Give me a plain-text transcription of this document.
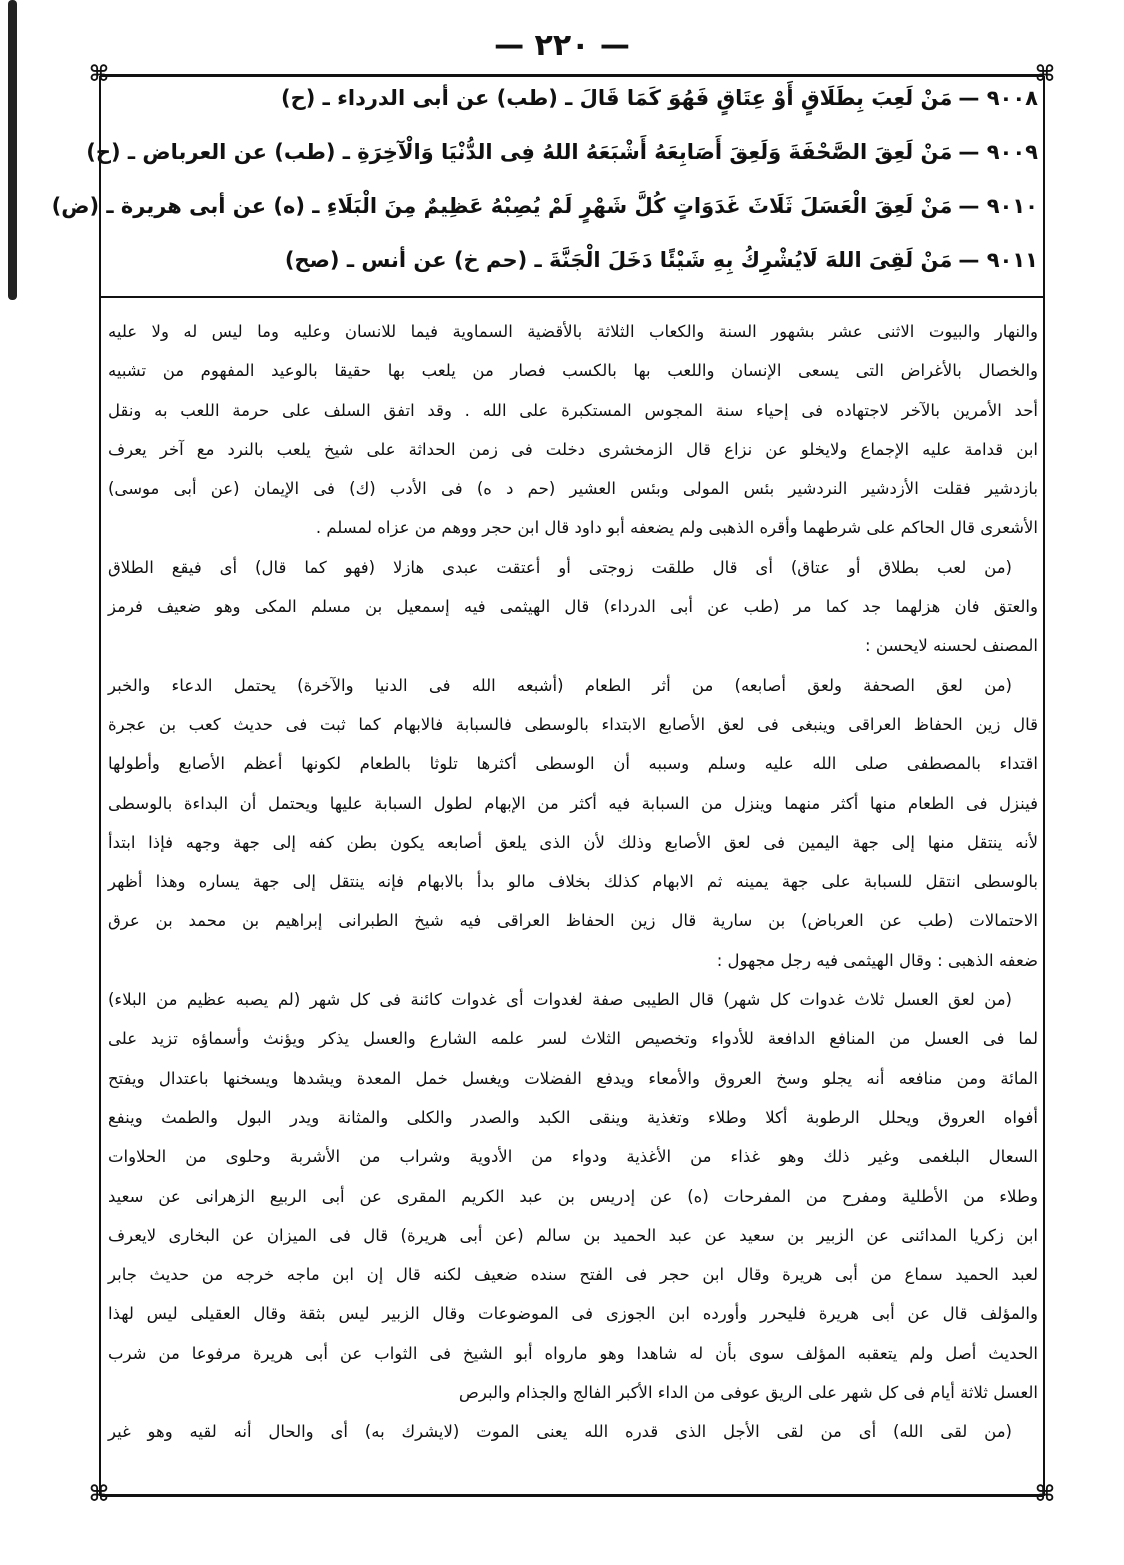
— ٢٢٠ —
⌘	⌘
⌘	⌘
٩٠٠٨ —مَنْ لَعِبَ بِطَلَاقٍ أَوْ عِتَاقٍ فَهُوَ كَمَا قَالَ ـ (طب) عن أبى الدرداء ـ (ح)
٩٠٠٩ —مَنْ لَعِقَ الصَّحْفَةَ وَلَعِقَ أَصَابِعَهُ أَشْبَعَهُ اللهُ فِى الدُّنْيَا وَالْآخِرَةِ ـ (طب) عن العرباض ـ (ح)
٩٠١٠ —مَنْ لَعِقَ الْعَسَلَ ثَلَاثَ غَدَوَاتٍ كُلَّ شَهْرٍ لَمْ يُصِبْهُ عَظِيمٌ مِنَ الْبَلَاءِ ـ (ه) عن أبى هريرة ـ (ض)
٩٠١١ —مَنْ لَقِىَ اللهَ لَايُشْرِكُ بِهِ شَيْئًا دَخَلَ الْجَنَّةَ ـ (حم خ) عن أنس ـ (صح)
والنهار والبيوت الاثنى عشر بشهور السنة والكعاب الثلاثة بالأقضية السماوية فيما للانسان وعليه وما ليس له ولا عليه
والخصال بالأغراض التى يسعى الإنسان واللعب بها بالكسب فصار من يلعب بها حقيقا بالوعيد المفهوم من تشبيه
أحد الأمرين بالآخر لاجتهاده فى إحياء سنة المجوس المستكبرة على الله . وقد اتفق السلف على حرمة اللعب به ونقل
ابن قدامة عليه الإجماع ولايخلو عن نزاع قال الزمخشرى دخلت فى زمن الحداثة على شيخ يلعب بالنرد مع آخر يعرف
بازدشير فقلت الأزدشير النردشير بئس المولى وبئس العشير (حم د ه) فى الأدب (ك) فى الإيمان (عن أبى موسى)
الأشعرى قال الحاكم على شرطهما وأقره الذهبى ولم يضعفه أبو داود قال ابن حجر ووهم من عزاه لمسلم .
(من لعب بطلاق أو عتاق) أى قال طلقت زوجتى أو أعتقت عبدى هازلا (فهو كما قال) أى فيقع الطلاق
والعتق فان هزلهما جد كما مر (طب عن أبى الدرداء) قال الهيثمى فيه إسمعيل بن مسلم المكى وهو ضعيف فرمز
المصنف لحسنه لايحسن :
(من لعق الصحفة ولعق أصابعه) من أثر الطعام (أشبعه الله فى الدنيا والآخرة) يحتمل الدعاء والخبر
قال زين الحفاظ العراقى وينبغى فى لعق الأصابع الابتداء بالوسطى فالسبابة فالابهام كما ثبت فى حديث كعب بن عجرة
اقتداء بالمصطفى صلى الله عليه وسلم وسببه أن الوسطى أكثرها تلوثا بالطعام لكونها أعظم الأصابع وأطولها
فينزل فى الطعام منها أكثر منهما وينزل من السبابة فيه أكثر من الإبهام لطول السبابة عليها ويحتمل أن البداءة بالوسطى
لأنه ينتقل منها إلى جهة اليمين فى لعق الأصابع وذلك لأن الذى يلعق أصابعه يكون بطن كفه إلى جهة وجهه فإذا ابتدأ
بالوسطى انتقل للسبابة على جهة يمينه ثم الابهام كذلك بخلاف مالو بدأ بالابهام فإنه ينتقل إلى جهة يساره وهذا أظهر
الاحتمالات (طب عن العرباض) بن سارية قال زين الحفاظ العراقى فيه شيخ الطبرانى إبراهيم بن محمد بن عرق
ضعفه الذهبى : وقال الهيثمى فيه رجل مجهول :
(من لعق العسل ثلاث غدوات كل شهر) قال الطيبى صفة لغدوات أى غدوات كائنة فى كل شهر (لم يصبه عظيم من البلاء)
لما فى العسل من المنافع الدافعة للأدواء وتخصيص الثلاث لسر علمه الشارع والعسل يذكر ويؤنث وأسماؤه تزيد على
المائة ومن منافعه أنه يجلو وسخ العروق والأمعاء ويدفع الفضلات ويغسل خمل المعدة ويشدها ويسخنها باعتدال ويفتح
أفواه العروق ويحلل الرطوبة أكلا وطلاء وتغذية وينقى الكبد والصدر والكلى والمثانة ويدر البول والطمث وينفع
السعال البلغمى وغير ذلك وهو غذاء من الأغذية ودواء من الأدوية وشراب من الأشربة وحلوى من الحلاوات
وطلاء من الأطلية ومفرح من المفرحات (ه) عن إدريس بن عبد الكريم المقرى عن أبى الربيع الزهرانى عن سعيد
ابن زكريا المدائنى عن الزبير بن سعيد عن عبد الحميد بن سالم (عن أبى هريرة) قال فى الميزان عن البخارى لايعرف
لعبد الحميد سماع من أبى هريرة وقال ابن حجر فى الفتح سنده ضعيف لكنه قال إن ابن ماجه خرجه من حديث جابر
والمؤلف قال عن أبى هريرة فليحرر وأورده ابن الجوزى فى الموضوعات وقال الزبير ليس بثقة وقال العقيلى ليس لهذا
الحديث أصل ولم يتعقبه المؤلف سوى بأن له شاهدا وهو مارواه أبو الشيخ فى الثواب عن أبى هريرة مرفوعا من شرب
العسل ثلاثة أيام فى كل شهر على الريق عوفى من الداء الأكبر الفالج والجذام والبرص
(من لقى الله) أى من لقى الأجل الذى قدره الله يعنى الموت (لايشرك به) أى والحال أنه لقيه وهو غير
